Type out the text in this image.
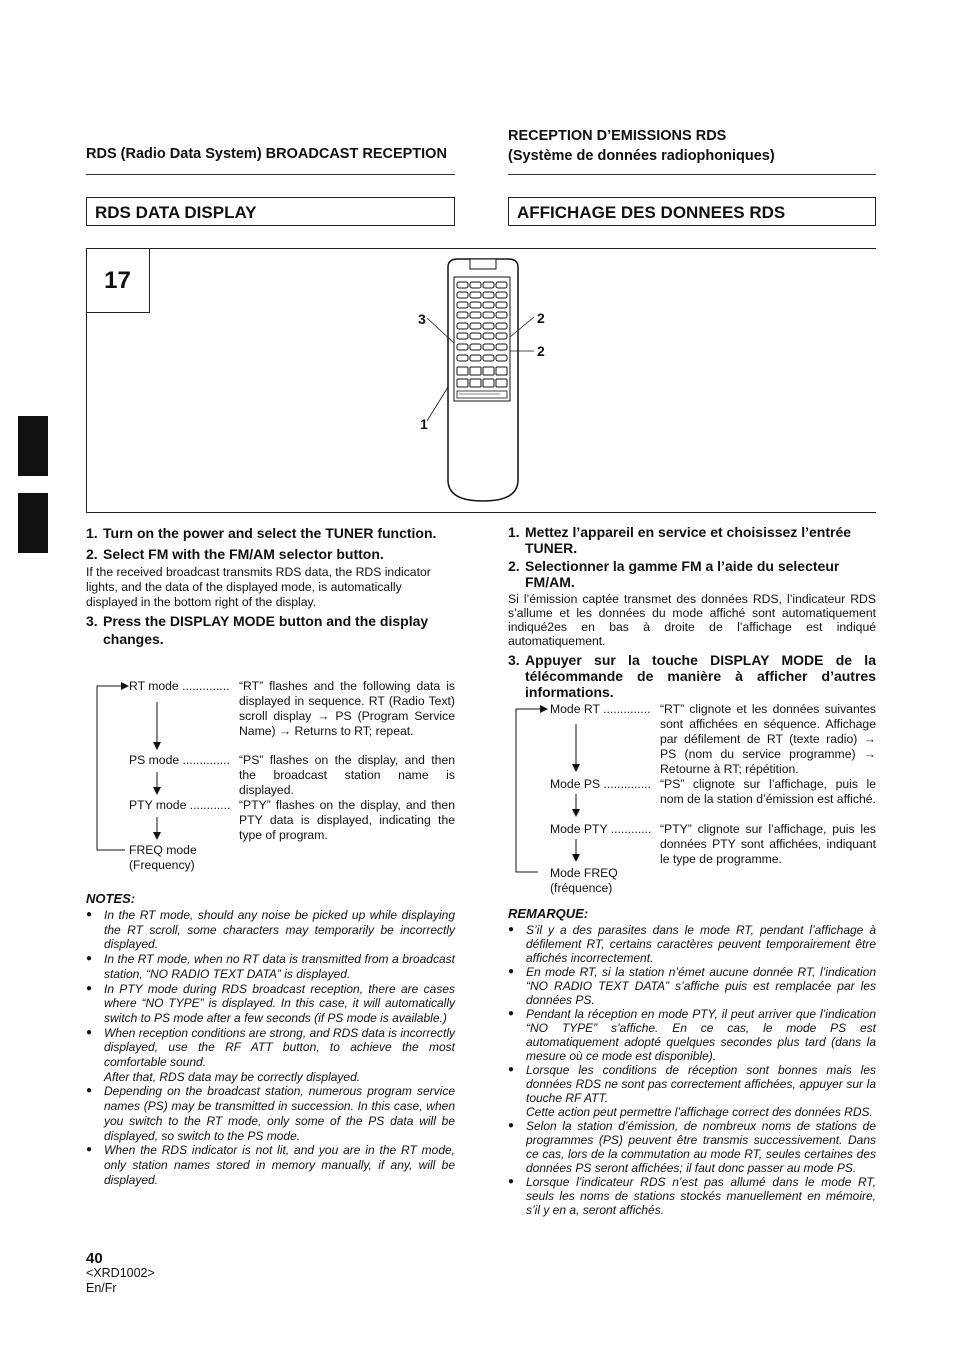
RDS (Radio Data System) BROADCAST RECEPTION
RECEPTION D’EMISSIONS RDS
(Système de données radiophoniques)
RDS DATA DISPLAY	AFFICHAGE DES DONNEES RDS
17
3	2
2
1
1. Turn on the power and select the TUNER function.
2. Select FM with the FM/AM selector button.

If the received broadcast transmits RDS data, the RDS indicator lights, and the data of the displayed mode, is automatically displayed in the bottom right of the display.

3. Press the DISPLAY MODE button and the display changes.
RT mode .............. “RT” flashes and the following data is displayed in sequence. RT (Radio Text) scroll display → PS (Program Service Name) → Returns to RT; repeat.
PS mode .............. “PS” flashes on the display, and then the broadcast station name is displayed.
PTY mode ............ “PTY” flashes on the display, and then PTY data is displayed, indicating the type of program.
FREQ mode
(Frequency)
NOTES:
● In the RT mode, should any noise be picked up while displaying the RT scroll, some characters may temporarily be incorrectly displayed.
● In the RT mode, when no RT data is transmitted from a broadcast station, “NO RADIO TEXT DATA” is displayed.
● In PTY mode during RDS broadcast reception, there are cases where “NO TYPE” is displayed. In this case, it will automatically switch to PS mode after a few seconds (if PS mode is available.)
● When reception conditions are strong, and RDS data is incorrectly displayed, use the RF ATT button, to achieve the most comfortable sound.
After that, RDS data may be correctly displayed.
● Depending on the broadcast station, numerous program service names (PS) may be transmitted in succession. In this case, when you switch to the RT mode, only some of the PS data will be displayed, so switch to the PS mode.
● When the RDS indicator is not lit, and you are in the RT mode, only station names stored in memory manually, if any, will be displayed.
1. Mettez l’appareil en service et choisissez l’entrée TUNER.
2. Selectionner la gamme FM a l’aide du selecteur FM/AM.

Si l’émission captée transmet des données RDS, l’indicateur RDS s’allume et les données du mode affiché sont automatiquement indiqué2es en bas à droite de l’affichage est indiqué automatiquement.

3. Appuyer sur la touche DISPLAY MODE de la télécommande de manière à afficher d’autres informations.
Mode RT .............. “RT” clignote et les données suivantes sont affichées en séquence. Affichage par défilement de RT (texte radio) → PS (nom du service programme) → Retourne à RT; répétition.
Mode PS .............. “PS” clignote sur l’affichage, puis le nom de la station d’émission est affiché.
Mode PTY ............ “PTY” clignote sur l’affichage, puis les données PTY sont affichées, indiquant le type de programme.
Mode FREQ
(fréquence)
REMARQUE:
● S’il y a des parasites dans le mode RT, pendant l’affichage à défilement RT, certains caractères peuvent temporairement être affichés incorrectement.
● En mode RT, si la station n’émet aucune donnée RT, l’indication “NO RADIO TEXT DATA” s’affiche puis est remplacée par les données PS.
● Pendant la réception en mode PTY, il peut arriver que l’indication “NO TYPE” s’affiche. En ce cas, le mode PS est automatiquement adopté quelques secondes plus tard (dans la mesure où ce mode est disponible).
● Lorsque les conditions de réception sont bonnes mais les données RDS ne sont pas correctement affichées, appuyer sur la touche RF ATT.
Cette action peut permettre l’affichage correct des données RDS.
● Selon la station d’émission, de nombreux noms de stations de programmes (PS) peuvent être transmis successivement. Dans ce cas, lors de la commutation au mode RT, seules certaines des données PS seront affichées; il faut donc passer au mode PS.
● Lorsque l’indicateur RDS n’est pas allumé dans le mode RT, seuls les noms de stations stockés manuellement en mémoire, s’il y en a, seront affichés.
40
<XRD1002>
En/Fr
